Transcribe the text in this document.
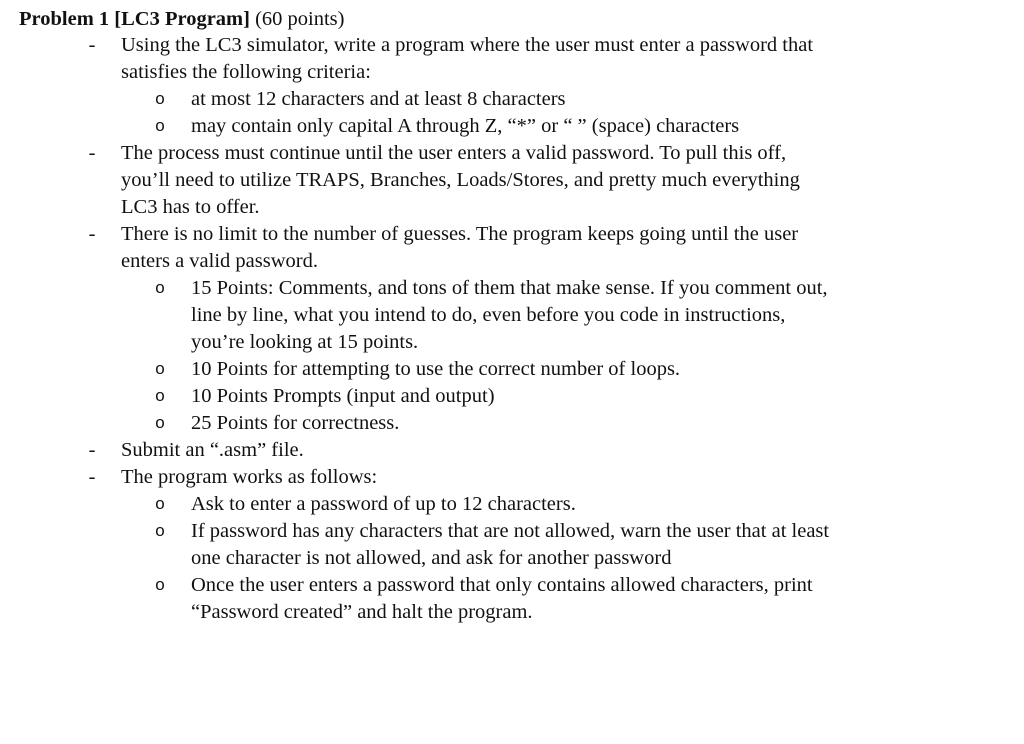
Problem 1 [LC3 Program] (60 points)
- Using the LC3 simulator, write a program where the user must enter a password that
satisfies the following criteria:
o at most 12 characters and at least 8 characters
o may contain only capital A through Z, “*” or “ ” (space) characters
- The process must continue until the user enters a valid password. To pull this off,
you’ll need to utilize TRAPS, Branches, Loads/Stores, and pretty much everything
LC3 has to offer.
- There is no limit to the number of guesses. The program keeps going until the user
enters a valid password.
o 15 Points: Comments, and tons of them that make sense. If you comment out,
line by line, what you intend to do, even before you code in instructions,
you’re looking at 15 points.
o 10 Points for attempting to use the correct number of loops.
o 10 Points Prompts (input and output)
o 25 Points for correctness.
- Submit an “.asm” file.
- The program works as follows:
o Ask to enter a password of up to 12 characters.
o If password has any characters that are not allowed, warn the user that at least
one character is not allowed, and ask for another password
o Once the user enters a password that only contains allowed characters, print
“Password created” and halt the program.
